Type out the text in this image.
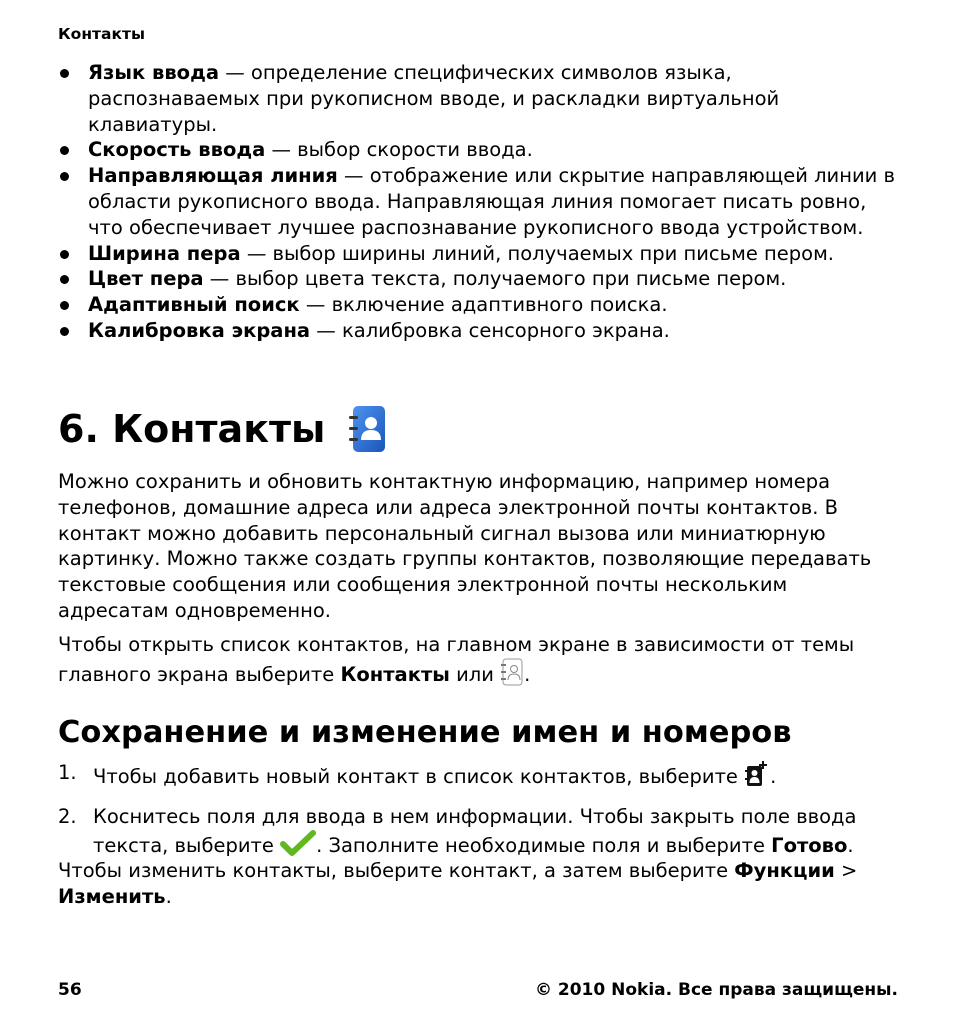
Контакты
Язык ввода — определение специфических символов языка, распознаваемых при рукописном вводе, и раскладки виртуальной клавиатуры.
Скорость ввода — выбор скорости ввода.
Направляющая линия — отображение или скрытие направляющей линии в области рукописного ввода. Направляющая линия помогает писать ровно, что обеспечивает лучшее распознавание рукописного ввода устройством.
Ширина пера — выбор ширины линий, получаемых при письме пером.
Цвет пера — выбор цвета текста, получаемого при письме пером.
Адаптивный поиск — включение адаптивного поиска.
Калибровка экрана — калибровка сенсорного экрана.
6. Контакты

Можно сохранить и обновить контактную информацию, например номера телефонов, домашние адреса или адреса электронной почты контактов. В контакт можно добавить персональный сигнал вызова или миниатюрную картинку. Можно также создать группы контактов, позволяющие передавать текстовые сообщения или сообщения электронной почты нескольким адресатам одновременно.

Чтобы открыть список контактов, на главном экране в зависимости от темы главного экрана выберите Контакты или .

Сохранение и изменение имен и номеров
1. Чтобы добавить новый контакт в список контактов, выберите .
2. Коснитесь поля для ввода в нем информации. Чтобы закрыть поле ввода текста, выберите . Заполните необходимые поля и выберите Готово.

Чтобы изменить контакты, выберите контакт, а затем выберите Функции > Изменить.

56	© 2010 Nokia. Все права защищены.
